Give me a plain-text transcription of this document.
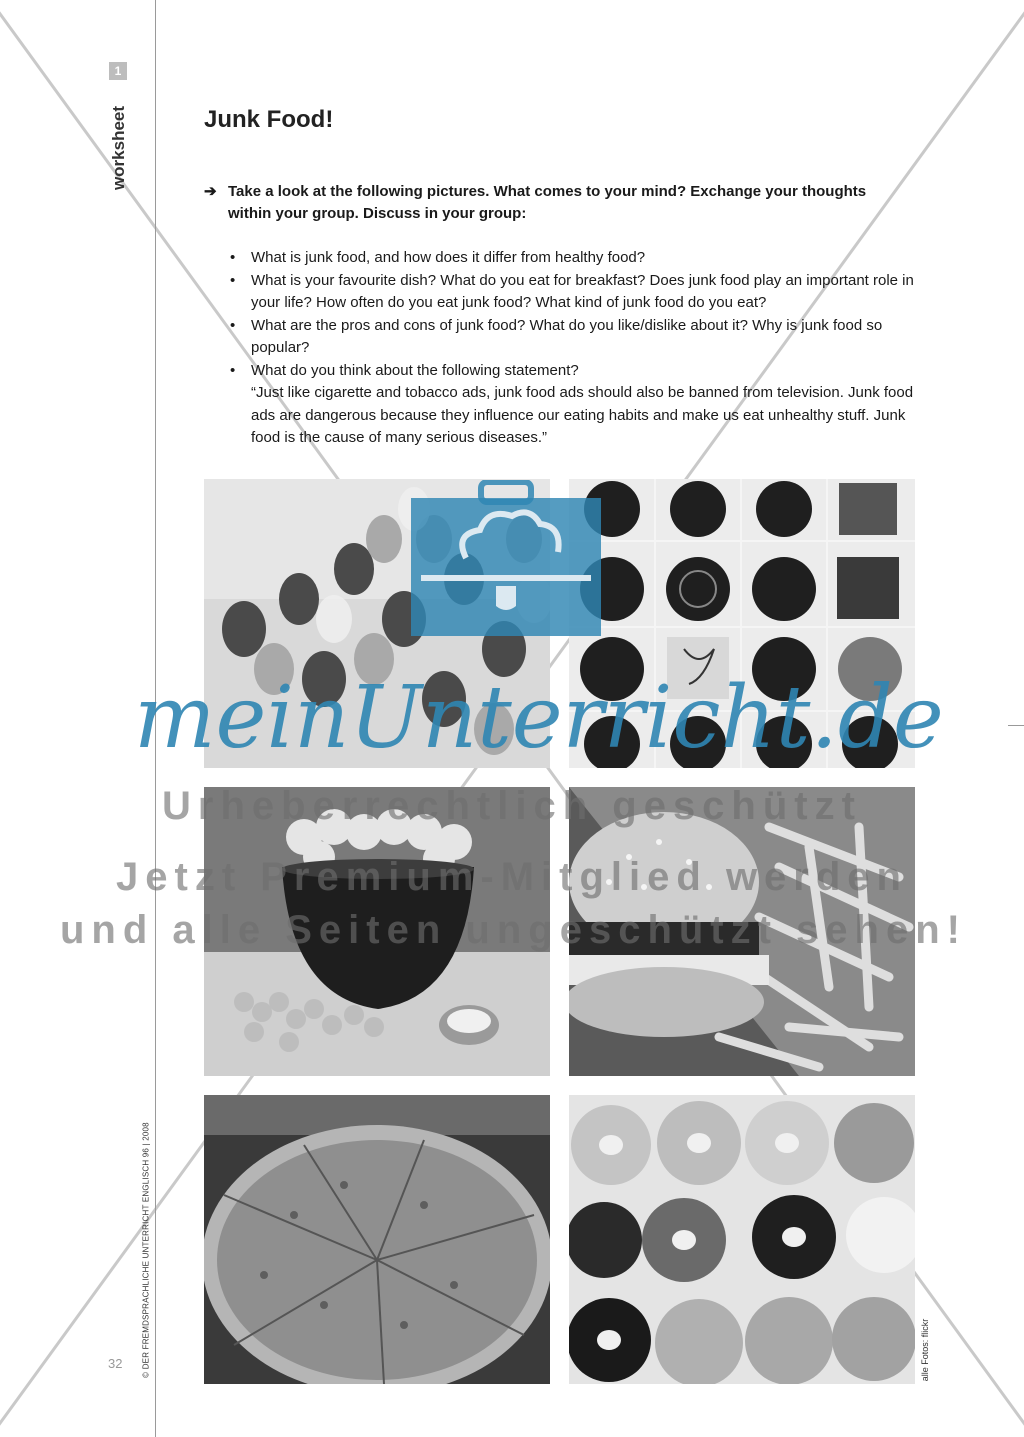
1
worksheet
© DER FREMDSPRACHLICHE UNTERRICHT ENGLISCH 96 | 2008
32
Junk Food!
➔ Take a look at the following pictures. What comes to your mind? Exchange your thoughts within your group. Discuss in your group:
• What is junk food, and how does it differ from healthy food?
• What is your favourite dish? What do you eat for breakfast? Does junk food play an important role in your life? How often do you eat junk food? What kind of junk food do you eat?
• What are the pros and cons of junk food? What do you like/dislike about it? Why is junk food so popular?
• What do you think about the following statement?
“Just like cigarette and tobacco ads, junk food ads should also be banned from television. Junk food ads are dangerous because they influence our eating habits and make us eat unhealthy stuff. Junk food is the cause of many serious diseases.”
alle Fotos: flickr
meinUnterricht.de
Urheberrechtlich geschützt
Jetzt Premium-Mitglied werden
und alle Seiten ungeschützt sehen!
